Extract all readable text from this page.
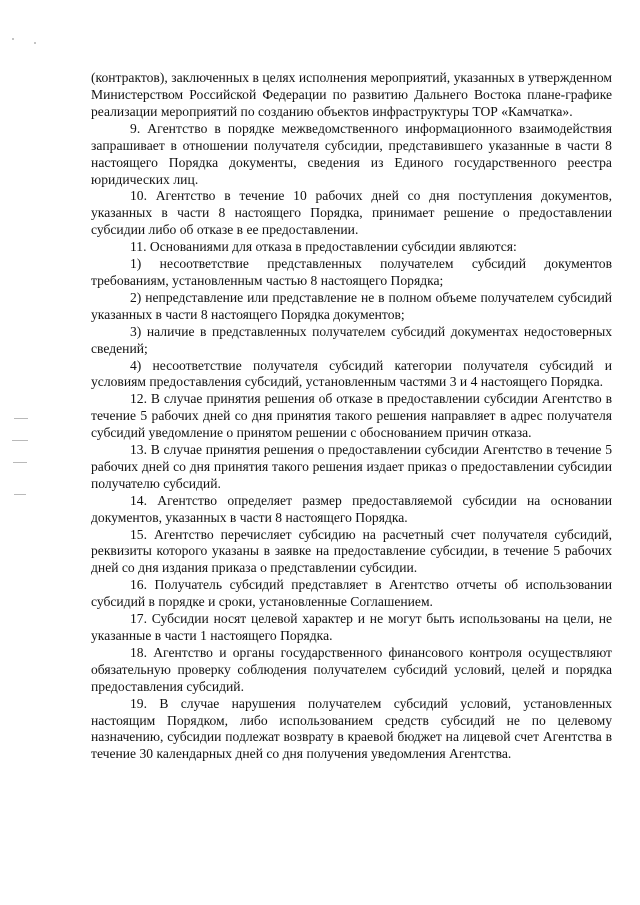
(контрактов), заключенных в целях исполнения мероприятий, указанных в утвержденном Министерством Российской Федерации по развитию Дальнего Востока плане-графике реализации мероприятий по созданию объектов инфраструктуры ТОР «Камчатка».

9. Агентство в порядке межведомственного информационного взаимодействия запрашивает в отношении получателя субсидии, представившего указанные в части 8 настоящего Порядка документы, сведения из Единого государственного реестра юридических лиц.

10. Агентство в течение 10 рабочих дней со дня поступления документов, указанных в части 8 настоящего Порядка, принимает решение о предоставлении субсидии либо об отказе в ее предоставлении.

11. Основаниями для отказа в предоставлении субсидии являются:

1) несоответствие представленных получателем субсидий документов требованиям, установленным частью 8 настоящего Порядка;

2) непредставление или представление не в полном объеме получателем субсидий указанных в части 8 настоящего Порядка документов;

3) наличие в представленных получателем субсидий документах недостоверных сведений;

4) несоответствие получателя субсидий категории получателя субсидий и условиям предоставления субсидий, установленным частями 3 и 4 настоящего Порядка.

12. В случае принятия решения об отказе в предоставлении субсидии Агентство в течение 5 рабочих дней со дня принятия такого решения направляет в адрес получателя субсидий уведомление о принятом решении с обоснованием причин отказа.

13. В случае принятия решения о предоставлении субсидии Агентство в течение 5 рабочих дней со дня принятия такого решения издает приказ о предоставлении субсидии получателю субсидий.

14. Агентство определяет размер предоставляемой субсидии на основании документов, указанных в части 8 настоящего Порядка.

15. Агентство перечисляет субсидию на расчетный счет получателя субсидий, реквизиты которого указаны в заявке на предоставление субсидии, в течение 5 рабочих дней со дня издания приказа о представлении субсидии.

16. Получатель субсидий представляет в Агентство отчеты об использовании субсидий в порядке и сроки, установленные Соглашением.

17. Субсидии носят целевой характер и не могут быть использованы на цели, не указанные в части 1 настоящего Порядка.

18. Агентство и органы государственного финансового контроля осуществляют обязательную проверку соблюдения получателем субсидий условий, целей и порядка предоставления субсидий.

19. В случае нарушения получателем субсидий условий, установленных настоящим Порядком, либо использованием средств субсидий не по целевому назначению, субсидии подлежат возврату в краевой бюджет на лицевой счет Агентства в течение 30 календарных дней со дня получения уведомления Агентства.
